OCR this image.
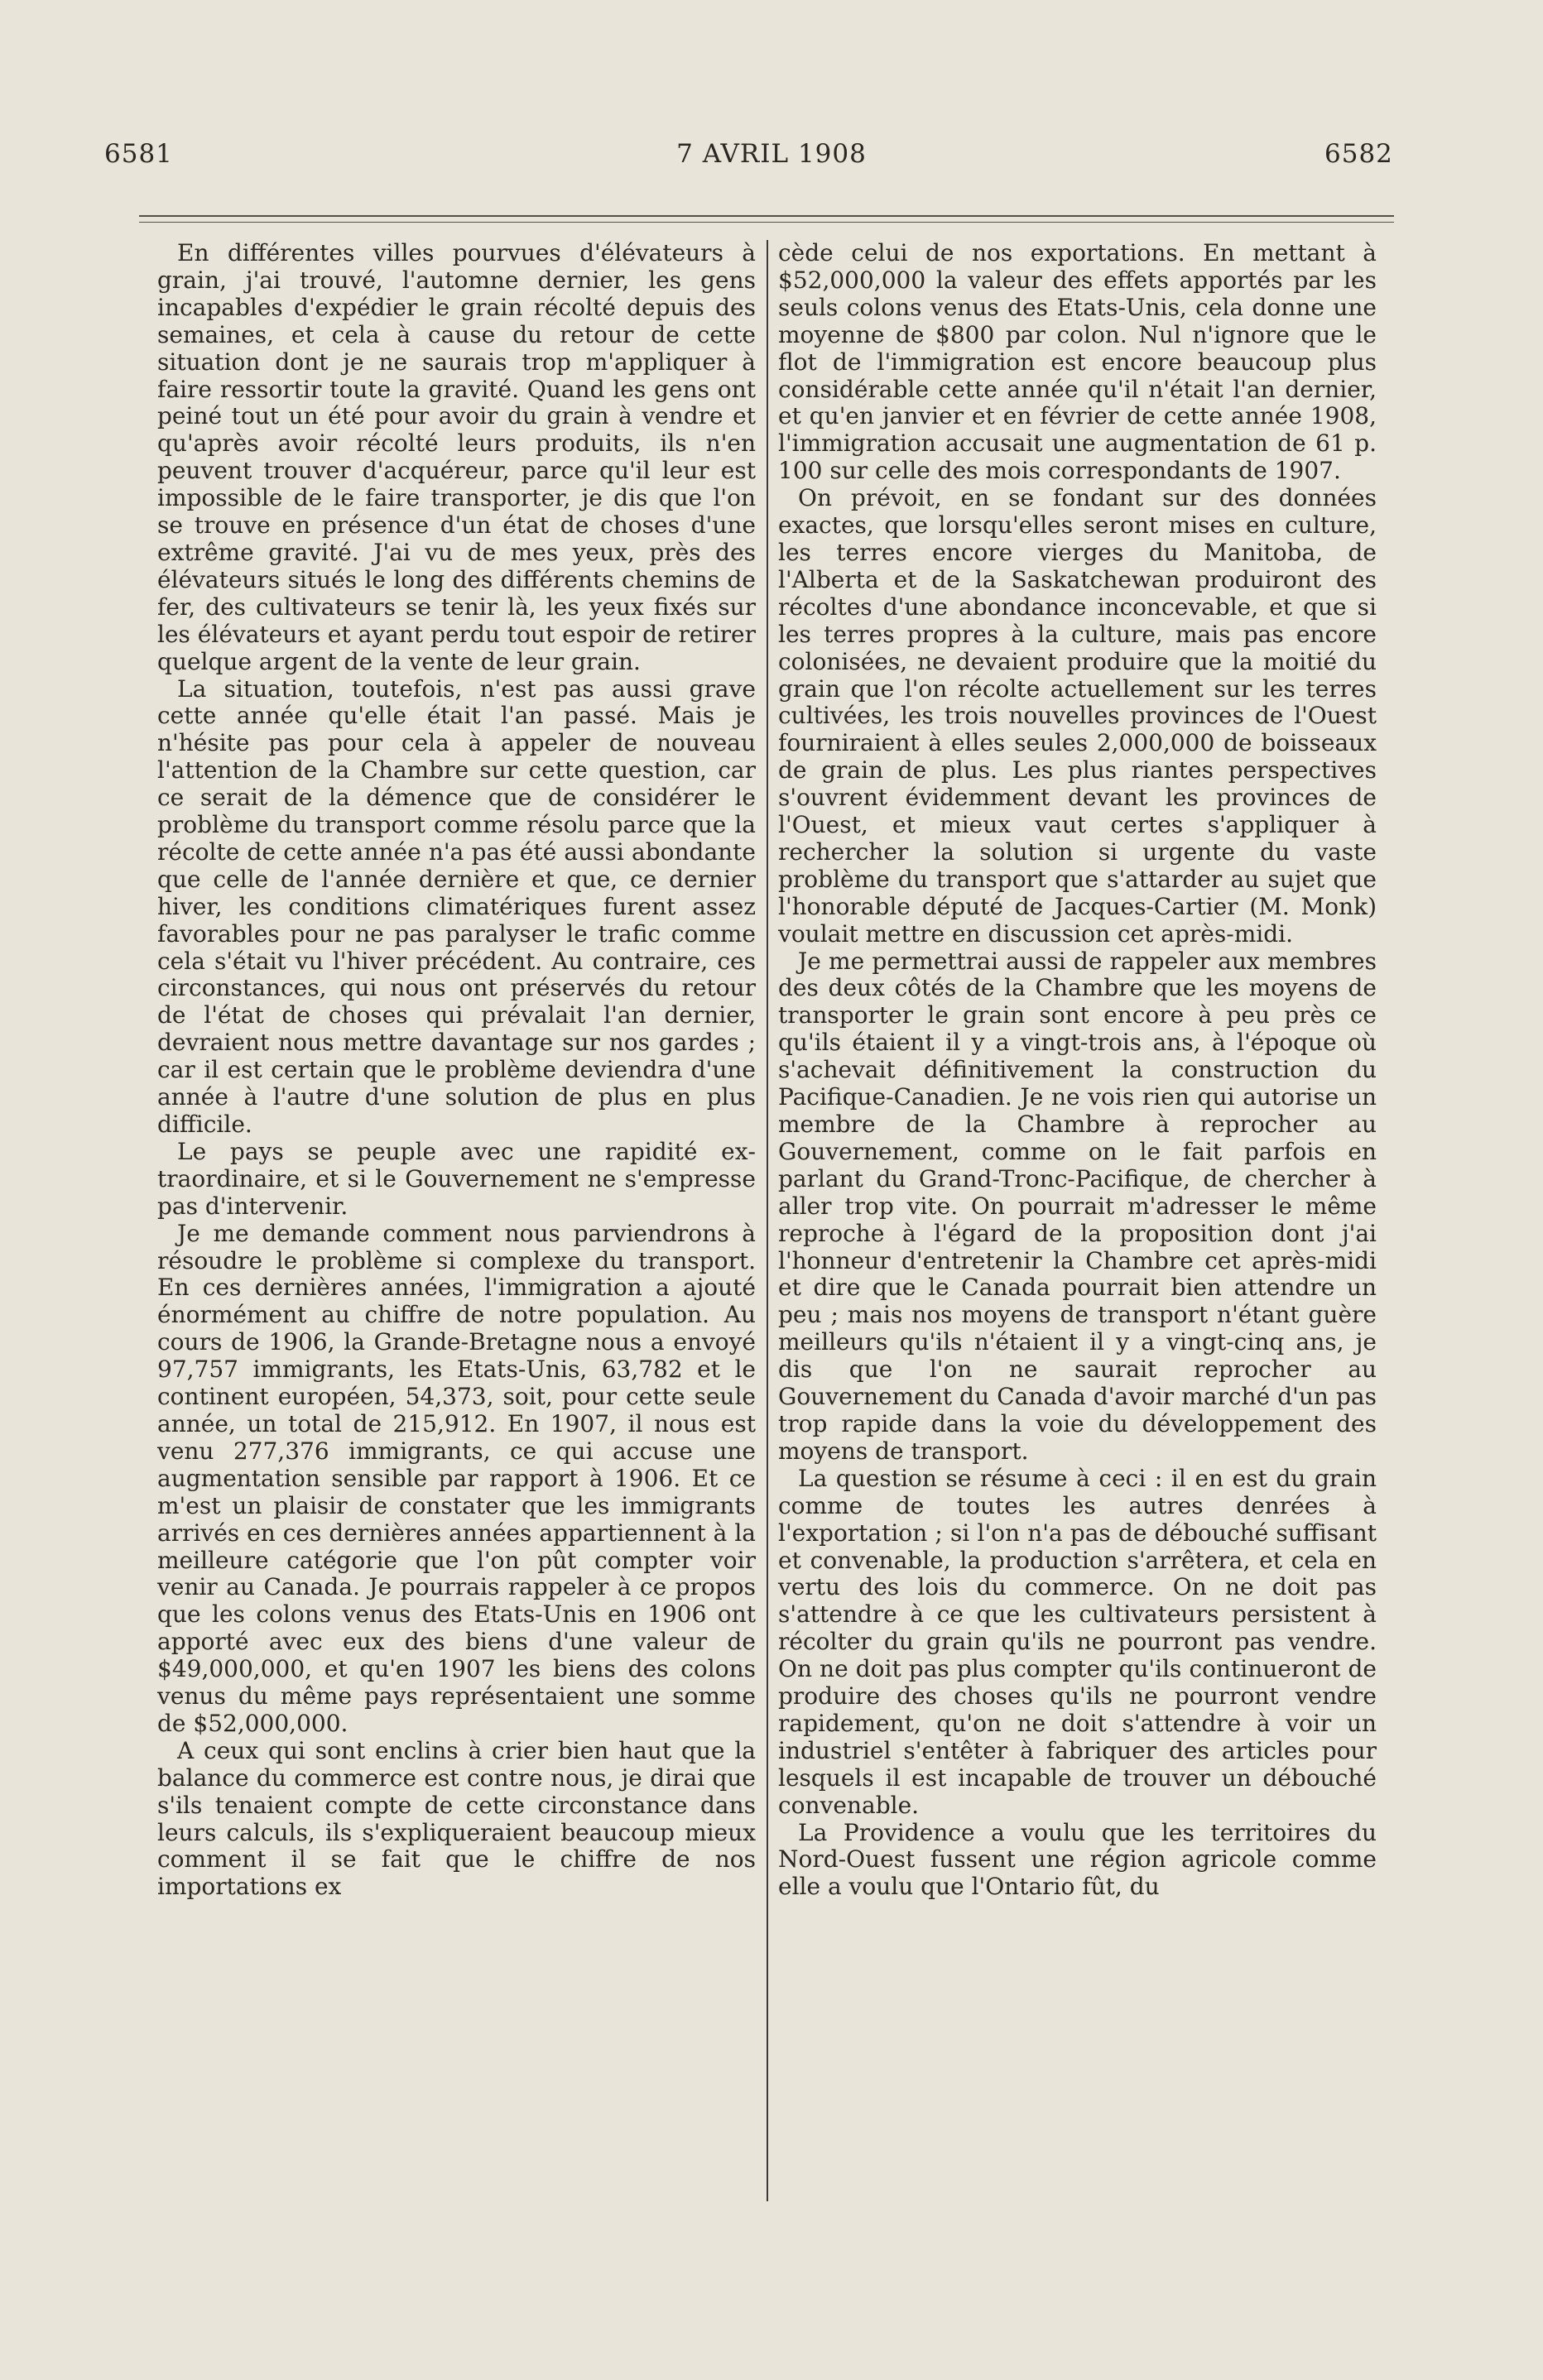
6581	7 AVRIL 1908	6582

En différentes villes pourvues d'élévateurs à grain, j'ai trouvé, l'automne dernier, les gens incapables d'expédier le grain récolté depuis des semaines, et cela à cause du retour de cette situation dont je ne saurais trop m'appliquer à faire ressortir toute la gravité. Quand les gens ont peiné tout un été pour avoir du grain à vendre et qu'après avoir récolté leurs produits, ils n'en peuvent trouver d'acquéreur, parce qu'il leur est impossible de le faire transporter, je dis que l'on se trouve en présence d'un état de choses d'une extrême gravité. J'ai vu de mes yeux, près des élévateurs situés le long des différents chemins de fer, des cultivateurs se tenir là, les yeux fixés sur les élévateurs et ayant perdu tout espoir de retirer quelque argent de la vente de leur grain.

La situation, toutefois, n'est pas aussi grave cette année qu'elle était l'an passé. Mais je n'hésite pas pour cela à appeler de nouveau l'attention de la Chambre sur cette question, car ce serait de la démence que de considérer le problème du transport comme résolu parce que la récolte de cette année n'a pas été aussi abondante que celle de l'année dernière et que, ce dernier hiver, les conditions climatériques furent assez favorables pour ne pas paralyser le trafic comme cela s'était vu l'hiver précédent. Au contraire, ces circonstances, qui nous ont préservés du retour de l'état de choses qui prévalait l'an dernier, devraient nous mettre davantage sur nos gardes ; car il est certain que le problème deviendra d'une année à l'autre d'une solution de plus en plus difficile.

Le pays se peuple avec une rapidité extraordinaire, et si le Gouvernement ne s'empresse pas d'intervenir.

Je me demande comment nous parviendrons à résoudre le problème si complexe du transport. En ces dernières années, l'immigration a ajouté énormément au chiffre de notre population. Au cours de 1906, la Grande-Bretagne nous a envoyé 97,757 immigrants, les Etats-Unis, 63,782 et le continent européen, 54,373, soit, pour cette seule année, un total de 215,912. En 1907, il nous est venu 277,376 immigrants, ce qui accuse une augmentation sensible par rapport à 1906. Et ce m'est un plaisir de constater que les immigrants arrivés en ces dernières années appartiennent à la meilleure catégorie que l'on pût compter voir venir au Canada. Je pourrais rappeler à ce propos que les colons venus des Etats-Unis en 1906 ont apporté avec eux des biens d'une valeur de $49,000,000, et qu'en 1907 les biens des colons venus du même pays représentaient une somme de $52,000,000.

A ceux qui sont enclins à crier bien haut que la balance du commerce est contre nous, je dirai que s'ils tenaient compte de cette circonstance dans leurs calculs, ils s'expliqueraient beaucoup mieux comment il se fait que le chiffre de nos importations ex

cède celui de nos exportations. En mettant à $52,000,000 la valeur des effets apportés par les seuls colons venus des Etats-Unis, cela donne une moyenne de $800 par colon. Nul n'ignore que le flot de l'immigration est encore beaucoup plus considérable cette année qu'il n'était l'an dernier, et qu'en janvier et en février de cette année 1908, l'immigration accusait une augmentation de 61 p. 100 sur celle des mois correspondants de 1907.

On prévoit, en se fondant sur des données exactes, que lorsqu'elles seront mises en culture, les terres encore vierges du Manitoba, de l'Alberta et de la Saskatchewan produiront des récoltes d'une abondance inconcevable, et que si les terres propres à la culture, mais pas encore colonisées, ne devaient produire que la moitié du grain que l'on récolte actuellement sur les terres cultivées, les trois nouvelles provinces de l'Ouest fourniraient à elles seules 2,000,000 de boisseaux de grain de plus. Les plus riantes perspectives s'ouvrent évidemment devant les provinces de l'Ouest, et mieux vaut certes s'appliquer à rechercher la solution si urgente du vaste problème du transport que s'attarder au sujet que l'honorable député de Jacques-Cartier (M. Monk) voulait mettre en discussion cet après-midi.

Je me permettrai aussi de rappeler aux membres des deux côtés de la Chambre que les moyens de transporter le grain sont encore à peu près ce qu'ils étaient il y a vingt-trois ans, à l'époque où s'achevait définitivement la construction du Pacifique-Canadien. Je ne vois rien qui autorise un membre de la Chambre à reprocher au Gouvernement, comme on le fait parfois en parlant du Grand-Tronc-Pacifique, de chercher à aller trop vite. On pourrait m'adresser le même reproche à l'égard de la proposition dont j'ai l'honneur d'entretenir la Chambre cet après-midi et dire que le Canada pourrait bien attendre un peu ; mais nos moyens de transport n'étant guère meilleurs qu'ils n'étaient il y a vingt-cinq ans, je dis que l'on ne saurait reprocher au Gouvernement du Canada d'avoir marché d'un pas trop rapide dans la voie du développement des moyens de transport.

La question se résume à ceci : il en est du grain comme de toutes les autres denrées à l'exportation ; si l'on n'a pas de débouché suffisant et convenable, la production s'arrêtera, et cela en vertu des lois du commerce. On ne doit pas s'attendre à ce que les cultivateurs persistent à récolter du grain qu'ils ne pourront pas vendre. On ne doit pas plus compter qu'ils continueront de produire des choses qu'ils ne pourront vendre rapidement, qu'on ne doit s'attendre à voir un industriel s'entêter à fabriquer des articles pour lesquels il est incapable de trouver un débouché convenable.

La Providence a voulu que les territoires du Nord-Ouest fussent une région agricole comme elle a voulu que l'Ontario fût, du
